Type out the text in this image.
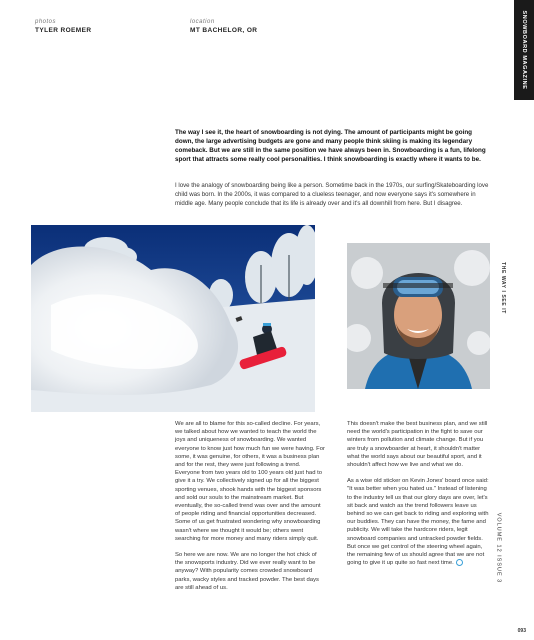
photos
TYLER ROEMER
location
MT BACHELOR, OR	SNOWBOARD MAGAZINE
THE WAY I SEE IT
VOLUME 12 ISSUE 3
093

The way I see it, the heart of snowboarding is not dying. The amount of participants might be going down, the large advertising budgets are gone and many people think skiing is making its legendary comeback. But we are still in the same position we have always been in. Snowboarding is a fun, lifelong sport that attracts some really cool personalities. I think snowboarding is exactly where it wants to be.

I love the analogy of snowboarding being like a person. Sometime back in the 1970s, our surfing/Skateboarding love child was born. In the 2000s, it was compared to a clueless teenager, and now everyone says it's somewhere in middle age. Many people conclude that its life is already over and it's all downhill from here. But I disagree.

We are all to blame for this so-called decline. For years, we talked about how we wanted to teach the world the joys and uniqueness of snowboarding. We wanted everyone to know just how much fun we were having. For some, it was genuine, for others, it was a business plan and for the rest, they were just following a trend. Everyone from two years old to 100 years old just had to give it a try. We collectively signed up for all the biggest sporting venues, shook hands with the biggest sponsors and sold our souls to the mainstream market. But eventually, the so-called trend was over and the amount of people riding and financial opportunities decreased. Some of us get frustrated wondering why snowboarding wasn't where we thought it would be; others went searching for more money and many riders simply quit.

So here we are now. We are no longer the hot chick of the snowsports industry. Did we ever really want to be anyway? With popularity comes crowded snowboard parks, wacky styles and tracked powder. The best days are still ahead of us.

This doesn't make the best business plan, and we still need the world's participation in the fight to save our winters from pollution and climate change. But if you are truly a snowboarder at heart, it shouldn't matter what the world says about our beautiful sport, and it shouldn't affect how we live and what we do.

As a wise old sticker on Kevin Jones' board once said: "It was better when you hated us." Instead of listening to the industry tell us that our glory days are over, let's sit back and watch as the trend followers leave us behind so we can get back to riding and exploring with our buddies. They can have the money, the fame and publicity. We will take the hardcore riders, legit snowboard companies and untracked powder fields. But once we get control of the steering wheel again, the remaining few of us should agree that we are not going to give it up quite so fast next time.
